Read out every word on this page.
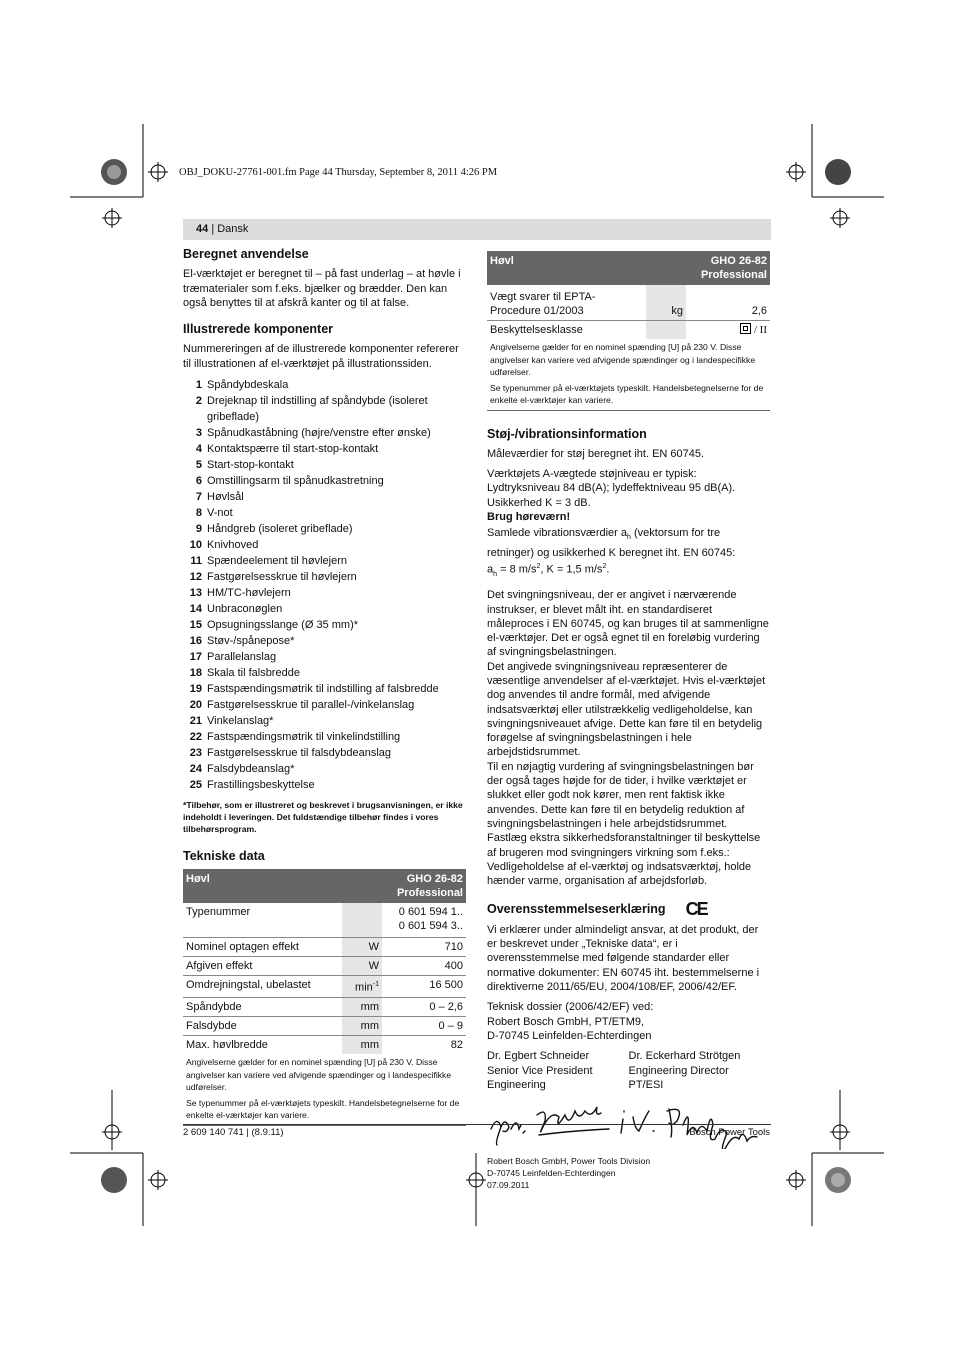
OBJ_DOKU-27761-001.fm Page 44 Thursday, September 8, 2011 4:26 PM
44 | Dansk
Beregnet anvendelse

El-værktøjet er beregnet til – på fast underlag – at høvle i træmaterialer som f.eks. bjælker og brædder. Den kan også benyttes til at afskrå kanter og til at false.

Illustrerede komponenter

Nummereringen af de illustrerede komponenter refererer til illustrationen af el-værktøjet på illustrationssiden.

1 Spåndybdeskala
2 Drejeknap til indstilling af spåndybde (isoleret gribeflade)
3 Spånudkaståbning (højre/venstre efter ønske)
4 Kontaktspærre til start-stop-kontakt
5 Start-stop-kontakt
6 Omstillingsarm til spånudkastretning
7 Høvlsål
8 V-not
9 Håndgreb (isoleret gribeflade)
10 Knivhoved
11 Spændeelement til høvlejern
12 Fastgørelsesskrue til høvlejern
13 HM/TC-høvlejern
14 Unbraconøglen
15 Opsugningsslange (Ø 35 mm)*
16 Støv-/spånepose*
17 Parallelanslag
18 Skala til falsbredde
19 Fastspændingsmøtrik til indstilling af falsbredde
20 Fastgørelsesskrue til parallel-/vinkelanslag
21 Vinkelanslag*
22 Fastspændingsmøtrik til vinkelindstilling
23 Fastgørelsesskrue til falsdybdeanslag
24 Falsdybdeanslag*
25 Frastillingsbeskyttelse
*Tilbehør, som er illustreret og beskrevet i brugsanvisningen, er ikke indeholdt i leveringen. Det fuldstændige tilbehør findes i vores tilbehørsprogram.
Tekniske data
Høvl		GHO 26-82
Professional
Typenummer		0 601 594 1..
0 601 594 3..
Nominel optagen effekt	W	710
Afgiven effekt	W	400
Omdrejningstal, ubelastet	$\min^{-1}$	16 500
Spåndybde	mm	0 – 2,6
Falsdybde	mm	0 – 9
Max. høvlbredde	mm	82

Angivelserne gælder for en nominel spænding [U] på 230 V. Disse angivelser kan variere ved afvigende spændinger og i landespecifikke udførelser.
Se typenummer på el-værktøjets typeskilt. Handelsbetegnelserne for de enkelte el-værktøjer kan variere.		
Høvl		GHO 26-82
Professional
Vægt svarer til EPTA-Procedure 01/2003	kg	2,6
Beskyttelsesklasse		/ II

Angivelserne gælder for en nominel spænding [U] på 230 V. Disse angivelser kan variere ved afvigende spændinger og i landespecifikke udførelser.
Se typenummer på el-værktøjets typeskilt. Handelsbetegnelserne for de enkelte el-værktøjer kan variere.		
Støj-/vibrationsinformation

Måleværdier for støj beregnet iht. EN 60745.

Værktøjets A-vægtede støjniveau er typisk: Lydtryksniveau 84 dB(A); lydeffektniveau 95 dB(A). Usikkerhed K = 3 dB.

Brug høreværn!

Samlede vibrationsværdier $a_h$ (vektorsum for tre retninger) og usikkerhed K beregnet iht. EN 60745:
$a_h = 8$ $m/s^2$, K = 1,5 $m/s^2$.

Det svingningsniveau, der er angivet i nærværende instrukser, er blevet målt iht. en standardiseret måleproces i EN 60745, og kan bruges til at sammenligne el-værktøjer. Det er også egnet til en foreløbig vurdering af svingningsbelastningen.

Det angivede svingningsniveau repræsenterer de væsentlige anvendelser af el-værktøjet. Hvis el-værktøjet dog anvendes til andre formål, med afvigende indsatsværktøj eller utilstrækkelig vedligeholdelse, kan svingningsniveauet afvige. Dette kan føre til en betydelig forøgelse af svingningsbelastningen i hele arbejdstidsrummet.

Til en nøjagtig vurdering af svingningsbelastningen bør der også tages højde for de tider, i hvilke værktøjet er slukket eller godt nok kører, men rent faktisk ikke anvendes. Dette kan føre til en betydelig reduktion af svingningsbelastningen i hele arbejdstidsrummet.

Fastlæg ekstra sikkerhedsforanstaltninger til beskyttelse af brugeren mod svingningers virkning som f.eks.: Vedligeholdelse af el-værktøj og indsatsværktøj, holde hænder varme, organisation af arbejdsforløb.

Overensstemmelseserklæring CE

Vi erklærer under almindeligt ansvar, at det produkt, der er beskrevet under „Tekniske data“, er i overensstemmelse med følgende standarder eller normative dokumenter: EN 60745 iht. bestemmelserne i direktiverne 2011/65/EU, 2004/108/EF, 2006/42/EF.

Teknisk dossier (2006/42/EF) ved:
Robert Bosch GmbH, PT/ETM9,
D-70745 Leinfelden-Echterdingen

Dr. Egbert Schneider
Senior Vice President
Engineering
Dr. Eckerhard Strötgen
Engineering Director
PT/ESI
Robert Bosch GmbH, Power Tools Division
D-70745 Leinfelden-Echterdingen
07.09.2011
2 609 140 741 | (8.9.11)	Bosch Power Tools
